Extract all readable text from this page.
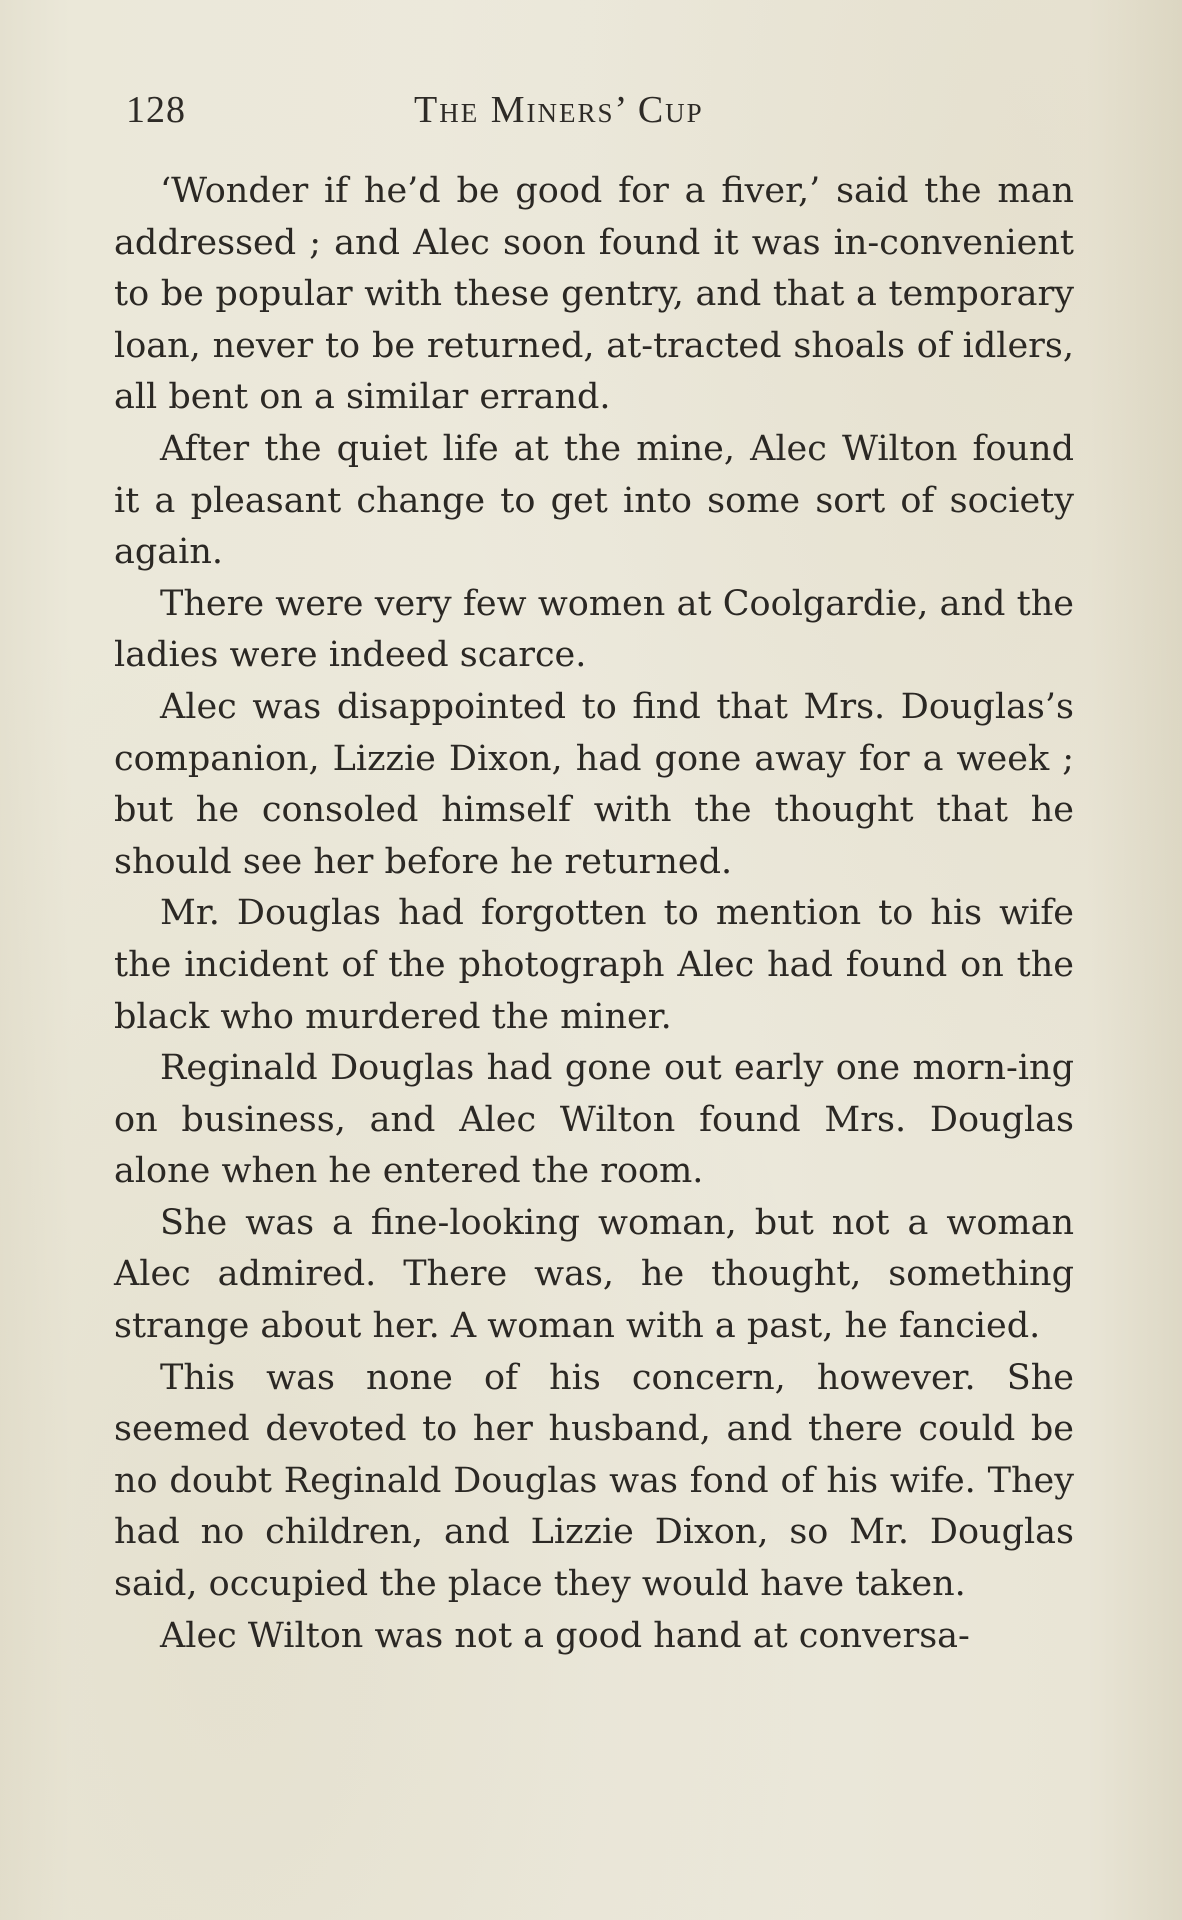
128	The Miners’ Cup

‘Wonder if he’d be good for a fiver,’ said the man addressed ; and Alec soon found it was in-convenient to be popular with these gentry, and that a temporary loan, never to be returned, at-tracted shoals of idlers, all bent on a similar errand.

After the quiet life at the mine, Alec Wilton found it a pleasant change to get into some sort of society again.

There were very few women at Coolgardie, and the ladies were indeed scarce.

Alec was disappointed to find that Mrs. Douglas’s companion, Lizzie Dixon, had gone away for a week ; but he consoled himself with the thought that he should see her before he returned.

Mr. Douglas had forgotten to mention to his wife the incident of the photograph Alec had found on the black who murdered the miner.

Reginald Douglas had gone out early one morn-ing on business, and Alec Wilton found Mrs. Douglas alone when he entered the room.

She was a fine-looking woman, but not a woman Alec admired. There was, he thought, something strange about her. A woman with a past, he fancied.

This was none of his concern, however. She seemed devoted to her husband, and there could be no doubt Reginald Douglas was fond of his wife. They had no children, and Lizzie Dixon, so Mr. Douglas said, occupied the place they would have taken.

Alec Wilton was not a good hand at conversa-
